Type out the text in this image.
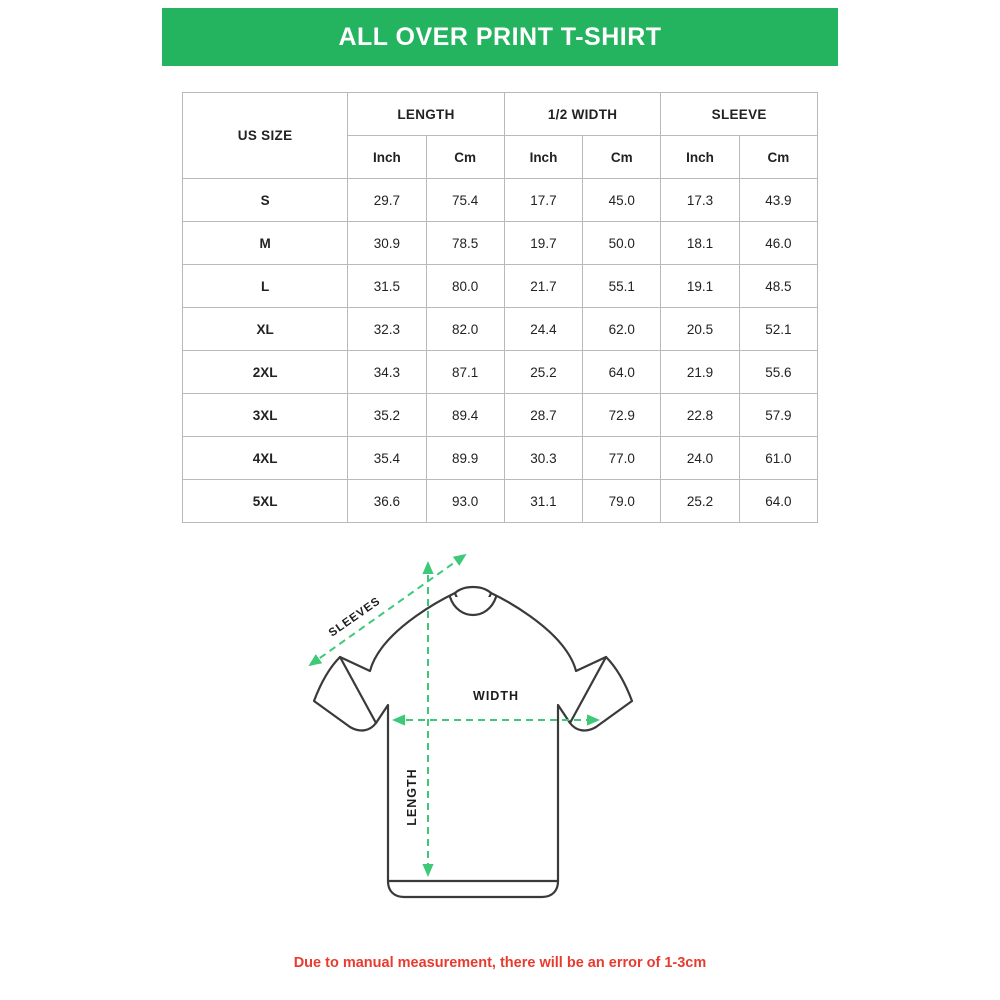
ALL OVER PRINT T-SHIRT
US SIZE	LENGTH		1/2 WIDTH		SLEEVE	
	Inch	Cm	Inch	Cm	Inch	Cm
S	29.7	75.4	17.7	45.0	17.3	43.9
M	30.9	78.5	19.7	50.0	18.1	46.0
L	31.5	80.0	21.7	55.1	19.1	48.5
XL	32.3	82.0	24.4	62.0	20.5	52.1
2XL	34.3	87.1	25.2	64.0	21.9	55.6
3XL	35.2	89.4	28.7	72.9	22.8	57.9
4XL	35.4	89.9	30.3	77.0	24.0	61.0
5XL	36.6	93.0	31.1	79.0	25.2	64.0
SLEEVES
WIDTH
LENGTH
Due to manual measurement, there will be an error of 1-3cm
